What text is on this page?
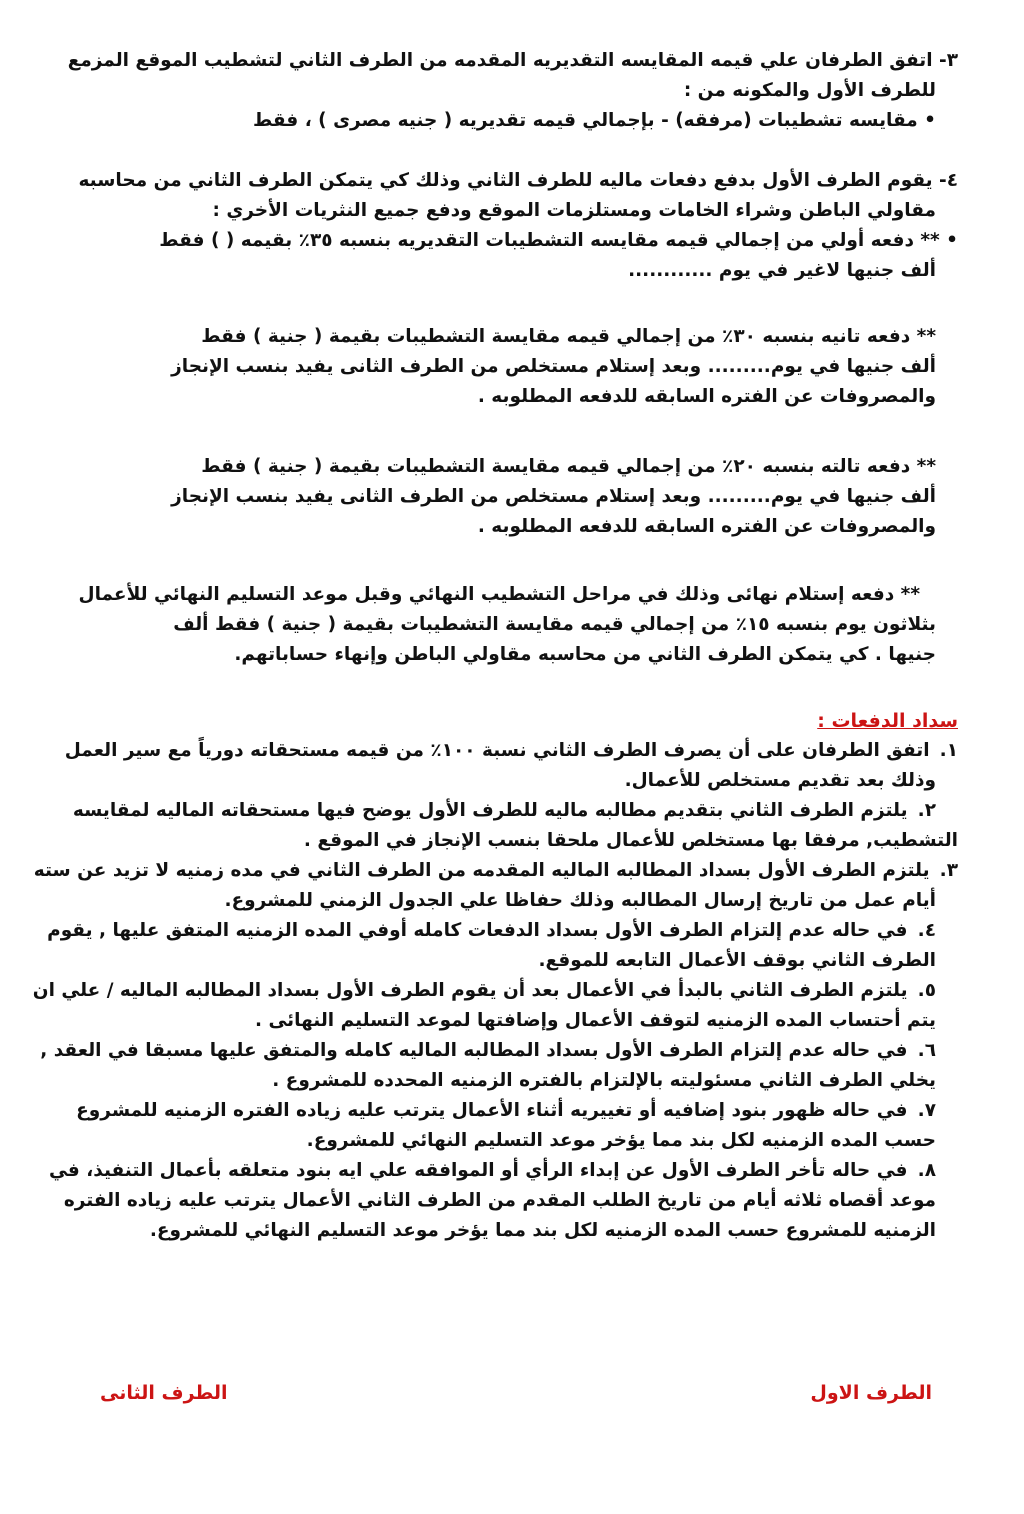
٣- اتفق الطرفان علي قيمه المقايسه التقديريه المقدمه من الطرف الثاني لتشطيب الموقع المزمع
للطرف الأول والمكونه من :
• مقايسه تشطيبات (مرفقه) - بإجمالي قيمه تقديريه ( جنيه مصرى ) ، فقط
٤- يقوم الطرف الأول بدفع دفعات ماليه للطرف الثاني وذلك كي يتمكن الطرف الثاني من محاسبه
مقاولي الباطن وشراء الخامات ومستلزمات الموقع ودفع جميع النثريات الأخري :
• ** دفعه أولي من إجمالي قيمه مقايسه التشطيبات التقديريه بنسبه ٣٥٪ بقيمه ( ) فقط
ألف جنيها لاغير في يوم ............
** دفعه تانيه بنسبه ٣٠٪ من إجمالي قيمه مقايسة التشطيبات بقيمة ( جنية ) فقط
ألف جنيها في يوم......... وبعد إستلام مستخلص من الطرف الثانى يفيد بنسب الإنجاز
والمصروفات عن الفتره السابقه للدفعه المطلوبه .
** دفعه تالته بنسبه ٢٠٪ من إجمالي قيمه مقايسة التشطيبات بقيمة ( جنية ) فقط
ألف جنيها في يوم......... وبعد إستلام مستخلص من الطرف الثانى يفيد بنسب الإنجاز
والمصروفات عن الفتره السابقه للدفعه المطلوبه .
** دفعه إستلام نهائى وذلك في مراحل التشطيب النهائي وقبل موعد التسليم النهائي للأعمال
بثلاثون يوم بنسبه ١٥٪ من إجمالي قيمه مقايسة التشطيبات بقيمة ( جنية ) فقط ألف
جنيها . كي يتمكن الطرف الثاني من محاسبه مقاولي الباطن وإنهاء حساباتهم.
سداد الدفعات :
١. اتفق الطرفان على أن يصرف الطرف الثاني نسبة ١٠٠٪ من قيمه مستحقاته دورياً مع سير العمل
وذلك بعد تقديم مستخلص للأعمال.
٢. يلتزم الطرف الثاني بتقديم مطالبه ماليه للطرف الأول يوضح فيها مستحقاته الماليه لمقايسه
التشطيب, مرفقا بها مستخلص للأعمال ملحقا بنسب الإنجاز في الموقع .
٣. يلتزم الطرف الأول بسداد المطالبه الماليه المقدمه من الطرف الثاني في مده زمنيه لا تزيد عن سته
أيام عمل من تاريخ إرسال المطالبه وذلك حفاظا علي الجدول الزمني للمشروع.
٤. في حاله عدم إلتزام الطرف الأول بسداد الدفعات كامله أوفي المده الزمنيه المتفق عليها , يقوم
الطرف الثاني بوقف الأعمال التابعه للموقع.
٥. يلتزم الطرف الثاني بالبدأ في الأعمال بعد أن يقوم الطرف الأول بسداد المطالبه الماليه / علي ان
يتم أحتساب المده الزمنيه لتوقف الأعمال وإضافتها لموعد التسليم النهائى .
٦. في حاله عدم إلتزام الطرف الأول بسداد المطالبه الماليه كامله والمتفق عليها مسبقا في العقد ,
يخلي الطرف الثاني مسئوليته بالإلتزام بالفتره الزمنيه المحدده للمشروع .
٧. في حاله ظهور بنود إضافيه أو تغييريه أثناء الأعمال يترتب عليه زياده الفتره الزمنيه للمشروع
حسب المده الزمنيه لكل بند مما يؤخر موعد التسليم النهائي للمشروع.
٨. في حاله تأخر الطرف الأول عن إبداء الرأي أو الموافقه علي ايه بنود متعلقه بأعمال التنفيذ، في
موعد أقصاه ثلاثه أيام من تاريخ الطلب المقدم من الطرف الثاني الأعمال يترتب عليه زياده الفتره
الزمنيه للمشروع حسب المده الزمنيه لكل بند مما يؤخر موعد التسليم النهائي للمشروع.
الطرف الاول
الطرف الثانى
